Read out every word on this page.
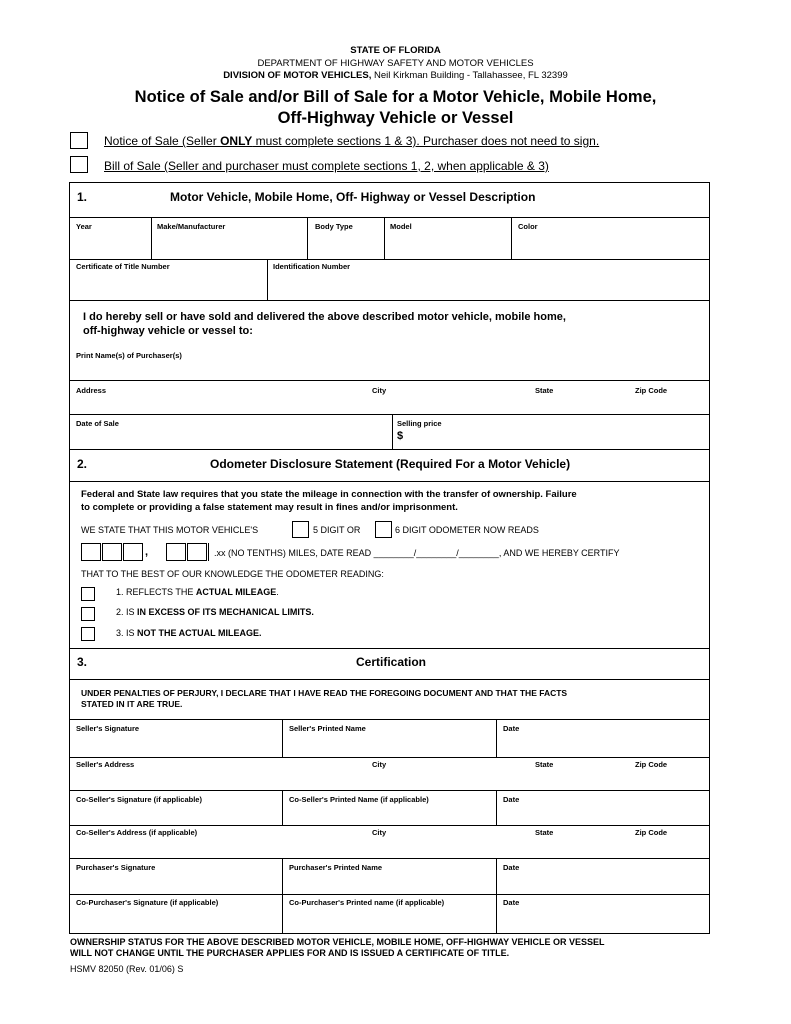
STATE OF FLORIDA
DEPARTMENT OF HIGHWAY SAFETY AND MOTOR VEHICLES
DIVISION OF MOTOR VEHICLES, Neil Kirkman Building - Tallahassee, FL 32399
Notice of Sale and/or Bill of Sale for a Motor Vehicle, Mobile Home,
Off-Highway Vehicle or Vessel
Notice of Sale (Seller ONLY must complete sections 1 & 3). Purchaser does not need to sign.
Bill of Sale (Seller and purchaser must complete sections 1, 2, when applicable & 3)
1.	Motor Vehicle, Mobile Home, Off- Highway or Vessel Description
Year	Make/Manufacturer	Body Type	Model	Color
Certificate of Title Number	Identification Number
I do hereby sell or have sold and delivered the above described motor vehicle, mobile home,
off-highway vehicle or vessel to:
Print Name(s) of Purchaser(s)
Address	City	State	Zip Code
Date of Sale	Selling price
$
2.	Odometer Disclosure Statement (Required For a Motor Vehicle)
Federal and State law requires that you state the mileage in connection with the transfer of ownership. Failure
to complete or providing a false statement may result in fines and/or imprisonment.
WE STATE THAT THIS MOTOR VEHICLE'S	5 DIGIT OR	6 DIGIT ODOMETER NOW READS
,	.xx (NO TENTHS) MILES, DATE READ ________/________/________, AND WE HEREBY CERTIFY
THAT TO THE BEST OF OUR KNOWLEDGE THE ODOMETER READING:
1. REFLECTS THE ACTUAL MILEAGE.
2. IS IN EXCESS OF ITS MECHANICAL LIMITS.
3. IS NOT THE ACTUAL MILEAGE.
3.	Certification
UNDER PENALTIES OF PERJURY, I DECLARE THAT I HAVE READ THE FOREGOING DOCUMENT AND THAT THE FACTS
STATED IN IT ARE TRUE.
Seller's Signature	Seller's Printed Name	Date
Seller's Address	City	State	Zip Code
Co-Seller's Signature (if applicable)	Co-Seller's Printed Name (if applicable)	Date
Co-Seller's Address (if applicable)	City	State	Zip Code
Purchaser's Signature	Purchaser's Printed Name	Date
Co-Purchaser's Signature (if applicable)	Co-Purchaser's Printed name (if applicable)	Date
OWNERSHIP STATUS FOR THE ABOVE DESCRIBED MOTOR VEHICLE, MOBILE HOME, OFF-HIGHWAY VEHICLE OR VESSEL
WILL NOT CHANGE UNTIL THE PURCHASER APPLIES FOR AND IS ISSUED A CERTIFICATE OF TITLE.
HSMV 82050 (Rev. 01/06) S
